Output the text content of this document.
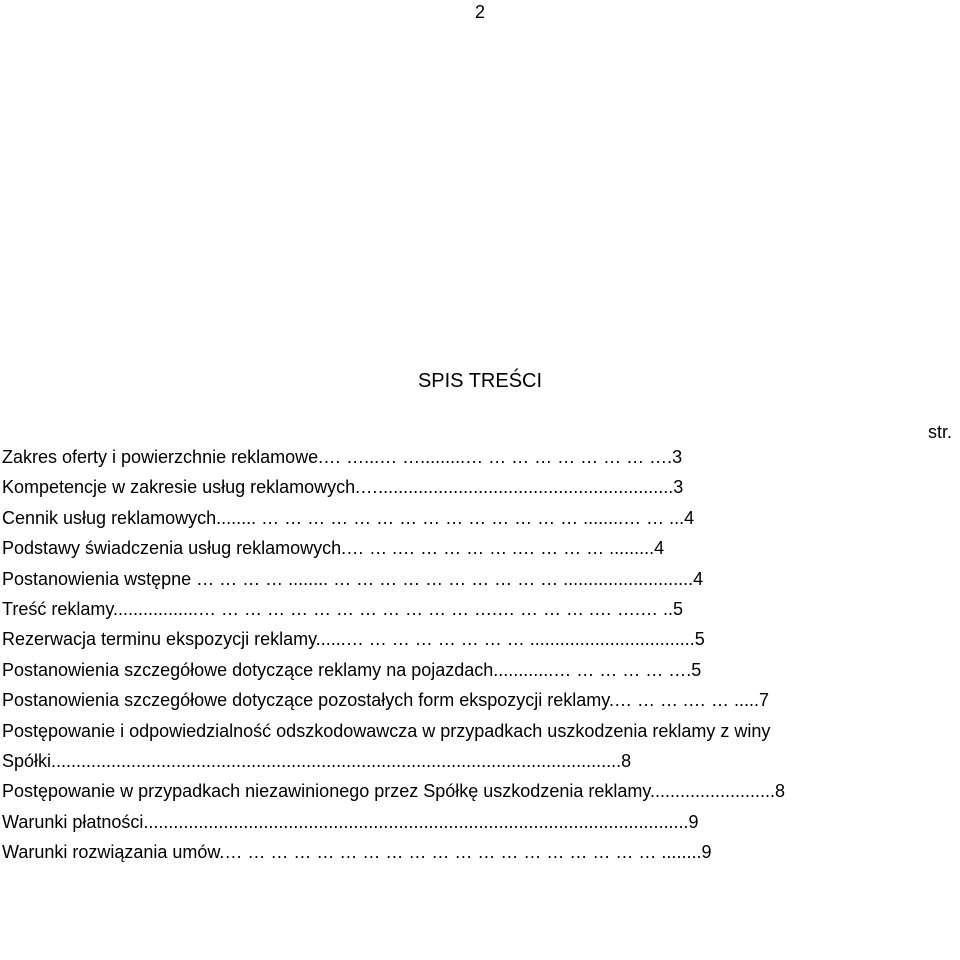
2
SPIS TREŚCI
str.
Zakres oferty i powierzchnie reklamowe.… …...… ….........… … … … … … … … ….3
Kompetencje w zakresie usług reklamowych.…...........................................................3
Cennik usług reklamowych........ … … … … … … … … … … … … … … ........… … ...4
Podstawy świadczenia usług reklamowych.… … .… … … … … .… … … … .........4
Postanowienia wstępne … … … … ........ … … … … … … … … … … ..........................4
Treść reklamy.................… … … … … … … … … … … … ….… … … … .… ….… ..5
Rezerwacja terminu ekspozycji reklamy......… … … … … … … … .................................5
Postanowienia szczegółowe dotyczące reklamy na pojazdach............… … … … … ….5
Postanowienia szczegółowe dotyczące pozostałych form ekspozycji reklamy.… … … .… … .....7
Postępowanie i odpowiedzialność odszkodowawcza w przypadkach uszkodzenia reklamy z winy Spółki..................................................................................................................8
Postępowanie w przypadkach niezawinionego przez Spółkę uszkodzenia reklamy.........................8
Warunki płatności.............................................................................................................9
Warunki rozwiązania umów.… … … … … … … … … … … … … … … … … … … ........9
